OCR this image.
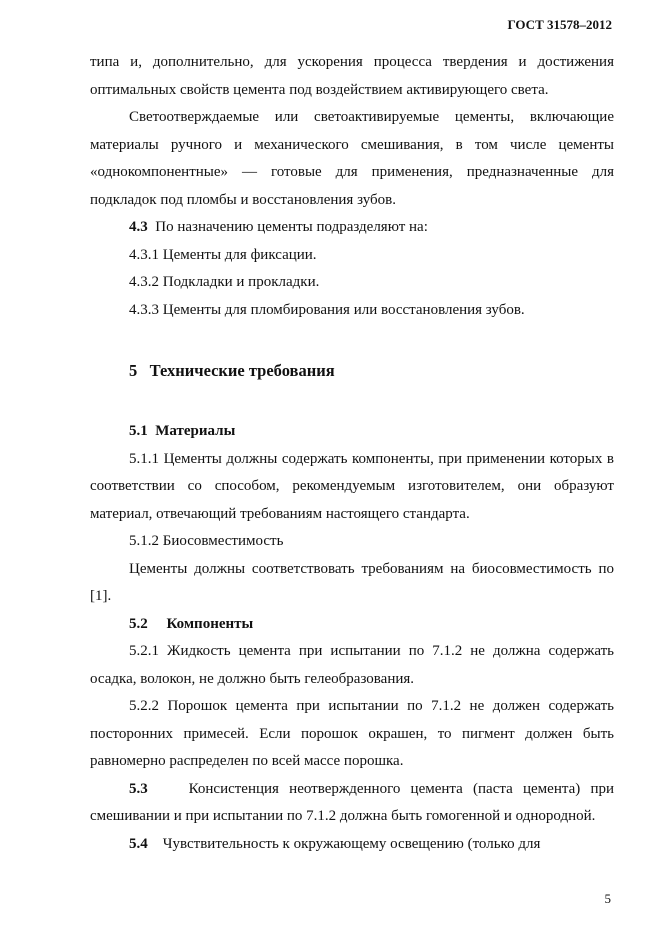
ГОСТ 31578–2012

типа и, дополнительно, для ускорения процесса твердения и достижения оптимальных свойств цемента под воздействием активирующего света.

Светоотверждаемые или светоактивируемые цементы, включающие материалы ручного и механического смешивания, в том числе цементы «однокомпонентные» — готовые для применения, предназначенные для подкладок под пломбы и восстановления зубов.

4.3 По назначению цементы подразделяют на:

4.3.1 Цементы для фиксации.

4.3.2 Подкладки и прокладки.

4.3.3 Цементы для пломбирования или восстановления зубов.

5 Технические требования

5.1 Материалы

5.1.1 Цементы должны содержать компоненты, при применении которых в соответствии со способом, рекомендуемым изготовителем, они образуют материал, отвечающий требованиям настоящего стандарта.

5.1.2 Биосовместимость

Цементы должны соответствовать требованиям на биосовместимость по [1].

5.2 Компоненты

5.2.1 Жидкость цемента при испытании по 7.1.2 не должна содержать осадка, волокон, не должно быть гелеобразования.

5.2.2 Порошок цемента при испытании по 7.1.2 не должен содержать посторонних примесей. Если порошок окрашен, то пигмент должен быть равномерно распределен по всей массе порошка.

5.3	Консистенция неотвержденного цемента (паста цемента) при смешивании и при испытании по 7.1.2 должна быть гомогенной и однородной.

5.4 Чувствительность к окружающему освещению (только для

5
